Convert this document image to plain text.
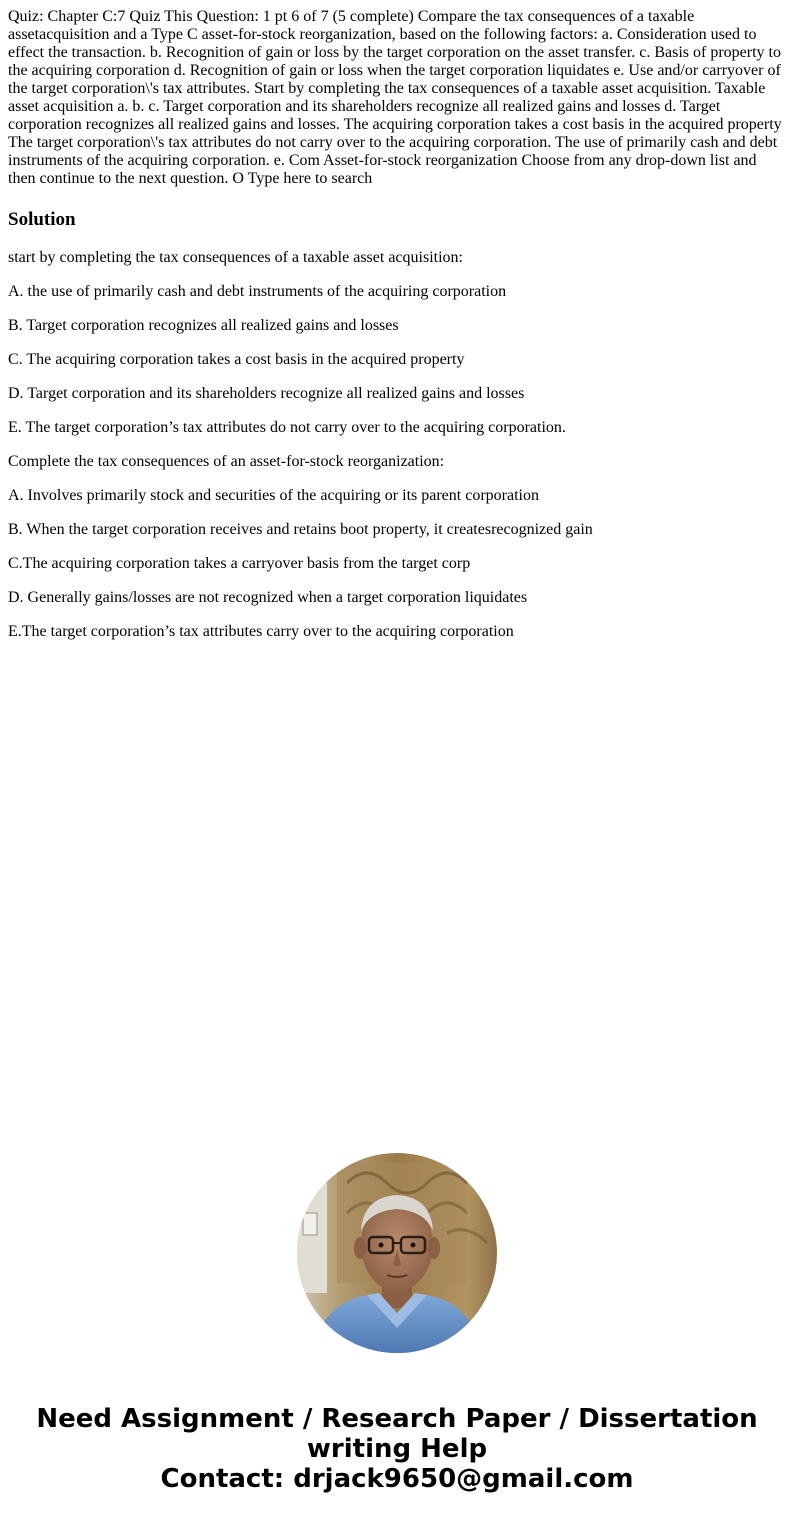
Quiz: Chapter C:7 Quiz This Question: 1 pt 6 of 7 (5 complete) Compare the tax consequences of a taxable assetacquisition and a Type C asset-for-stock reorganization, based on the following factors: a. Consideration used to effect the transaction. b. Recognition of gain or loss by the target corporation on the asset transfer. c. Basis of property to the acquiring corporation d. Recognition of gain or loss when the target corporation liquidates e. Use and/or carryover of the target corporation\'s tax attributes. Start by completing the tax consequences of a taxable asset acquisition. Taxable asset acquisition a. b. c. Target corporation and its shareholders recognize all realized gains and losses d. Target corporation recognizes all realized gains and losses. The acquiring corporation takes a cost basis in the acquired property The target corporation\'s tax attributes do not carry over to the acquiring corporation. The use of primarily cash and debt instruments of the acquiring corporation. e. Com Asset-for-stock reorganization Choose from any drop-down list and then continue to the next question. O Type here to search

Solution

start by completing the tax consequences of a taxable asset acquisition:

A. the use of primarily cash and debt instruments of the acquiring corporation

B. Target corporation recognizes all realized gains and losses

C. The acquiring corporation takes a cost basis in the acquired property

D. Target corporation and its shareholders recognize all realized gains and losses

E. The target corporation’s tax attributes do not carry over to the acquiring corporation.

Complete the tax consequences of an asset-for-stock reorganization:

A. Involves primarily stock and securities of the acquiring or its parent corporation

B. When the target corporation receives and retains boot property, it createsrecognized gain

C.The acquiring corporation takes a carryover basis from the target corp

D. Generally gains/losses are not recognized when a target corporation liquidates

E.The target corporation’s tax attributes carry over to the acquiring corporation

Need Assignment / Research Paper / Dissertation
writing Help
Contact: drjack9650@gmail.com
